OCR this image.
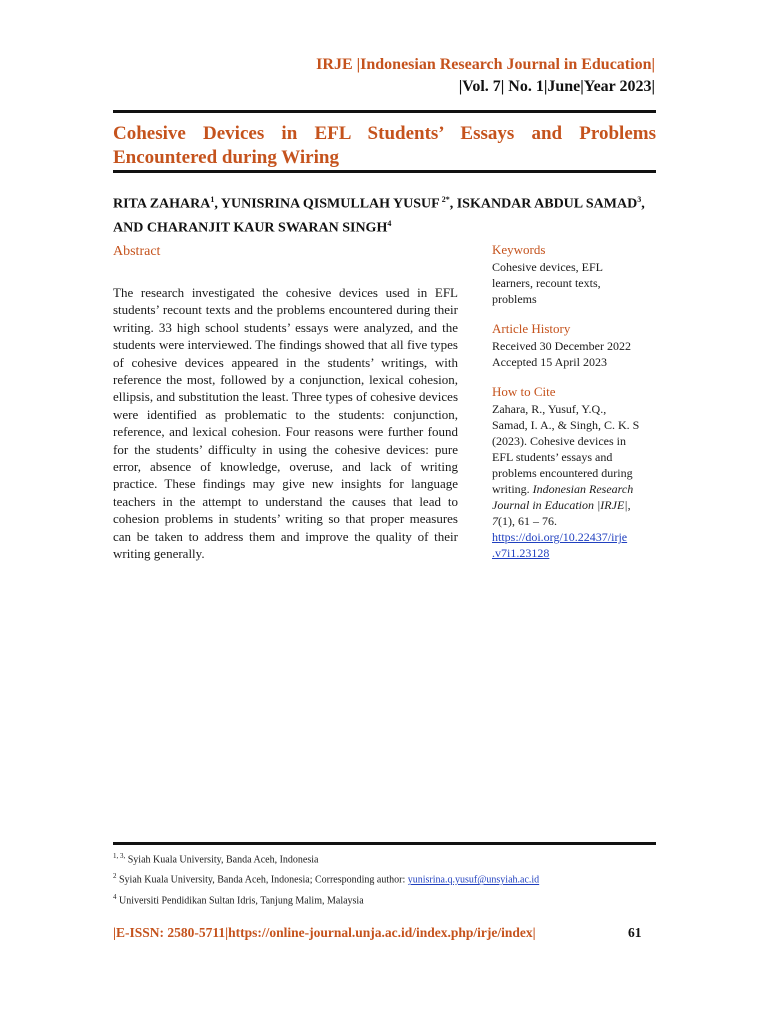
IRJE |Indonesian Research Journal in Education|
|Vol. 7| No. 1|June|Year 2023|
Cohesive Devices in EFL Students’ Essays and Problems Encountered during Wiring
RITA ZAHARA$^1$, YUNISRINA QISMULLAH YUSUF $^{2*}$, ISKANDAR ABDUL SAMAD$^3$, AND CHARANJIT KAUR SWARAN SINGH$^4$
Abstract
The research investigated the cohesive devices used in EFL students’ recount texts and the problems encountered during their writing. 33 high school students’ essays were analyzed, and the students were interviewed. The findings showed that all five types of cohesive devices appeared in the students’ writings, with reference the most, followed by a conjunction, lexical cohesion, ellipsis, and substitution the least. Three types of cohesive devices were identified as problematic to the students: conjunction, reference, and lexical cohesion. Four reasons were further found for the students’ difficulty in using the cohesive devices: pure error, absence of knowledge, overuse, and lack of writing practice. These findings may give new insights for language teachers in the attempt to understand the causes that lead to cohesion problems in students’ writing so that proper measures can be taken to address them and improve the quality of their writing generally.
Keywords
Cohesive devices, EFL
learners, recount texts,
problems
Article History
Received 30 December 2022
Accepted 15 April 2023
How to Cite
Zahara, R., Yusuf, Y.Q.,
Samad, I. A., & Singh, C. K. S
(2023). Cohesive devices in
EFL students’ essays and
problems encountered during
writing. Indonesian Research
Journal in Education |IRJE|,
7(1), 61 – 76.
https://doi.org/10.22437/irje
.v7i1.23128
$^{1, 3,}$ Syiah Kuala University, Banda Aceh, Indonesia
$^2$ Syiah Kuala University, Banda Aceh, Indonesia; Corresponding author: yunisrina.q.yusuf@unsyiah.ac.id
$^4$ Universiti Pendidikan Sultan Idris, Tanjung Malim, Malaysia
|E-ISSN: 2580-5711|https://online-journal.unja.ac.id/index.php/irje/index|	61
